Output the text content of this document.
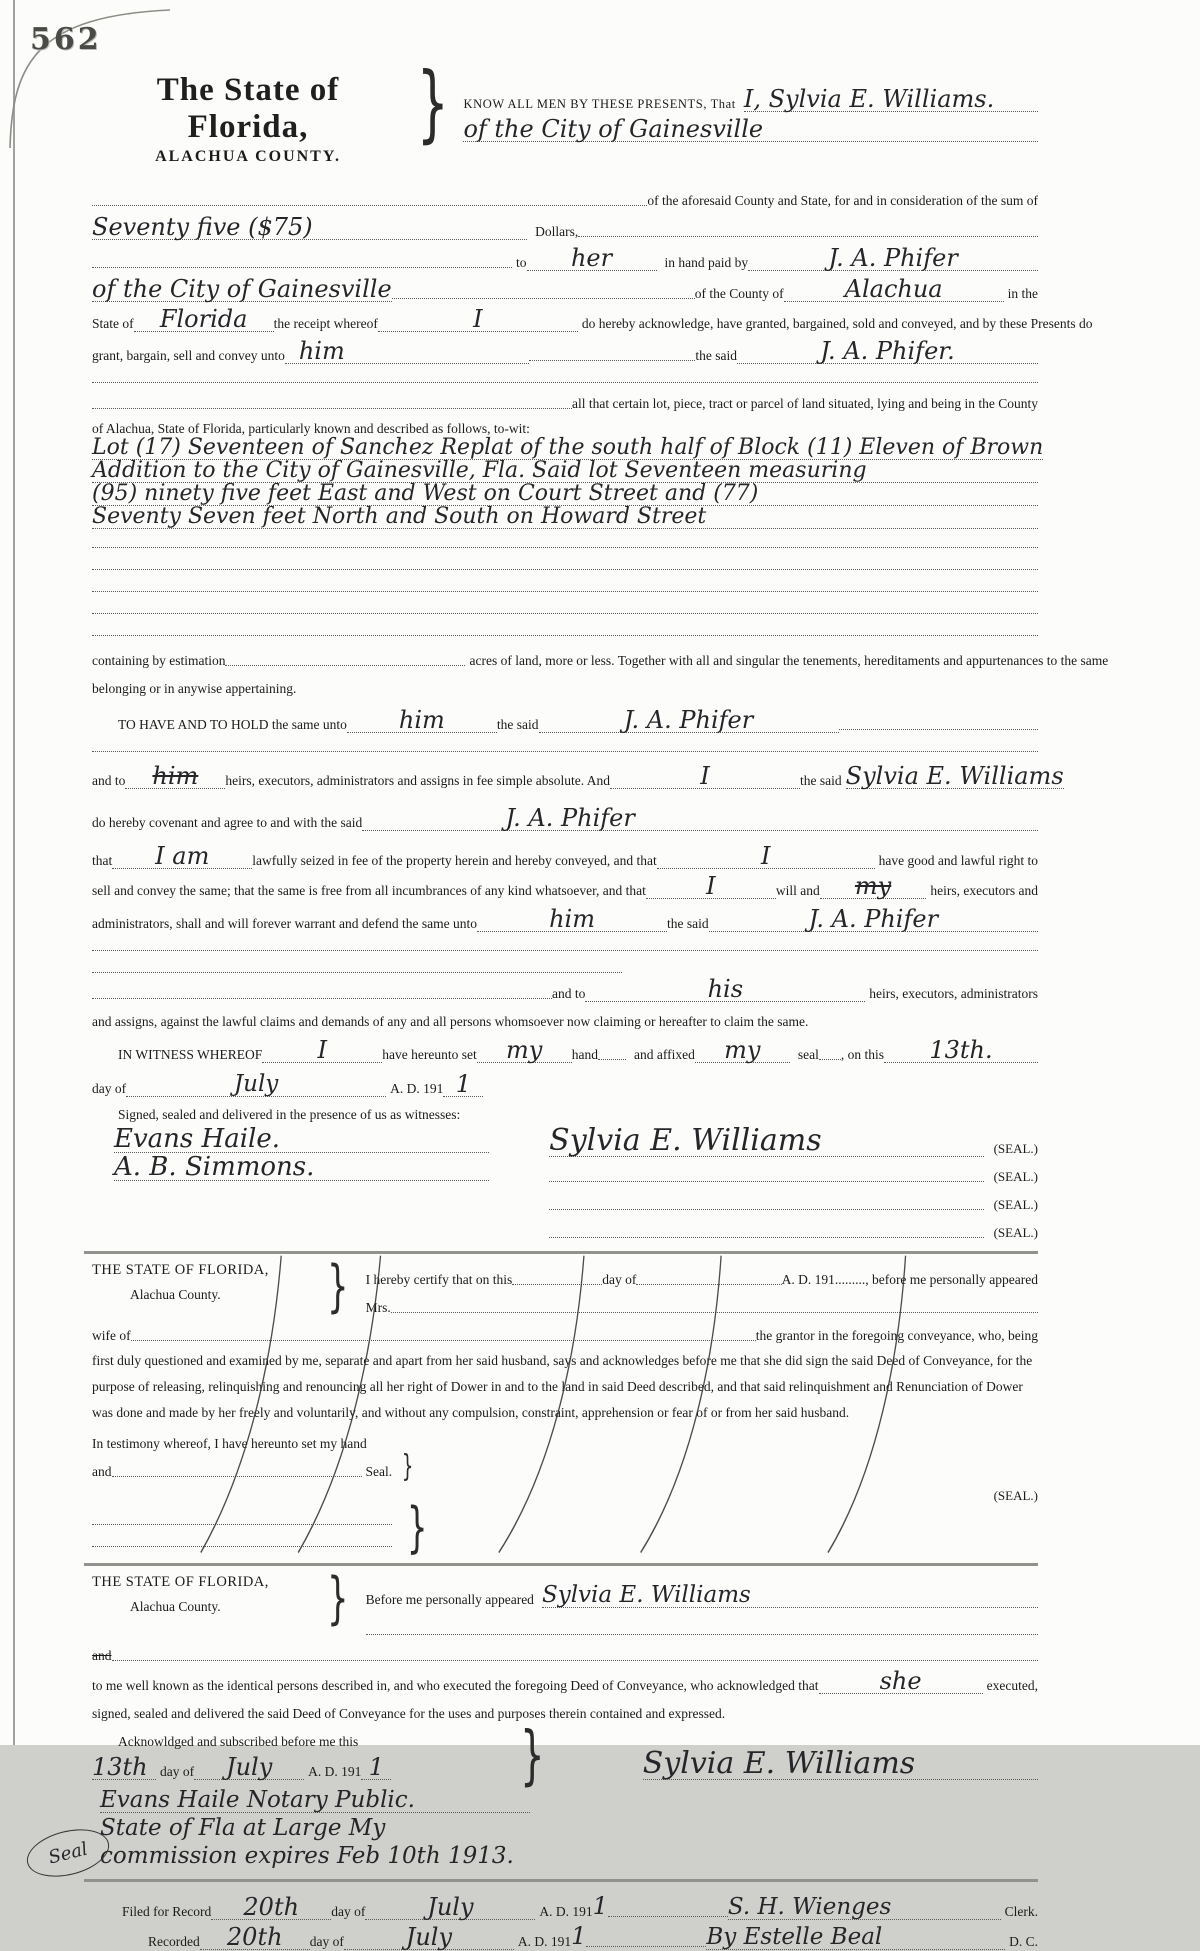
562
The State of Florida,
ALACHUA COUNTY.
} KNOW ALL MEN BY THESE PRESENTS, That I, Sylvia E. Williams.
of the City of Gainesville
of the aforesaid County and State, for and in consideration of the sum of
Seventy five ($75)	Dollars,
to	her	in hand paid by	J. A. Phifer
of the City of Gainesville	of the County of	Alachua	in the
State of	Florida	the receipt whereof	I	do hereby acknowledge, have granted, bargained, sold and conveyed, and by these Presents do
grant, bargain, sell and convey unto him	the said	J. A. Phifer.
all that certain lot, piece, tract or parcel of land situated, lying and being in the County
of Alachua, State of Florida, particularly known and described as follows, to-wit:
Lot (17) Seventeen of Sanchez Replat of the south half of Block (11) Eleven of Brown
Addition to the City of Gainesville, Fla. Said lot Seventeen measuring
(95) ninety five feet East and West on Court Street and (77)
Seventy Seven feet North and South on Howard Street
containing by estimation	acres of land, more or less. Together with all and singular the tenements, hereditaments and appurtenances to the same
belonging or in anywise appertaining.
TO HAVE AND TO HOLD the same unto	him	the said	J. A. Phifer
and to	him	heirs, executors, administrators and assigns in fee simple absolute. And	I	the said Sylvia E. Williams
do hereby covenant and agree to and with the said	J. A. Phifer
that	I am	lawfully seized in fee of the property herein and hereby conveyed, and that	I	have good and lawful right to
sell and convey the same; that the same is free from all incumbrances of any kind whatsoever, and that	I	will and	my	heirs, executors and
administrators, shall and will forever warrant and defend the same unto	him	the said	J. A. Phifer
and to	his	heirs, executors, administrators
and assigns, against the lawful claims and demands of any and all persons whomsoever now claiming or hereafter to claim the same.
IN WITNESS WHEREOF	I	have hereunto set	my	hand	and affixed	my	seal , on this	13th.
day of	July	A. D. 191 1
Signed, sealed and delivered in the presence of us as witnesses:
Evans Haile.
A. B. Simmons.
Sylvia E. Williams	(SEAL.)
(SEAL.)
(SEAL.)
(SEAL.)
THE STATE OF FLORIDA,
Alachua County.	} I hereby certify that on this	day of	A. D. 191........., before me personally appeared
Mrs.
wife of	the grantor in the foregoing conveyance, who, being
first duly questioned and examined by me, separate and apart from her said husband, says and acknowledges before me that she did sign the said Deed of Conveyance, for the purpose of releasing, relinquishing and renouncing all her right of Dower in and to the land in said Deed described, and that said relinquishment and Renunciation of Dower was done and made by her freely and voluntarily, and without any compulsion, constraint, apprehension or fear of or from her said husband.
In testimony whereof, I have hereunto set my hand
and	Seal. }
(SEAL.)
}
THE STATE OF FLORIDA,
Alachua County.	} Before me personally appeared Sylvia E. Williams
and
to me well known as the identical persons described in, and who executed the foregoing Deed of Conveyance, who acknowledged that	she	executed,
signed, sealed and delivered the said Deed of Conveyance for the uses and purposes therein contained and expressed.
Acknowldged and subscribed before me this
13th day of	July	A. D. 191 1 }	Sylvia E. Williams
Seal
Evans Haile Notary Public.
State of Fla at Large My
commission expires Feb 10th 1913.
Filed for Record	20th	day of	July	A. D. 191 1	S. H. Wienges	Clerk.
Recorded	20th	day of	July	A. D. 191 1	By Estelle Beal	D. C.
